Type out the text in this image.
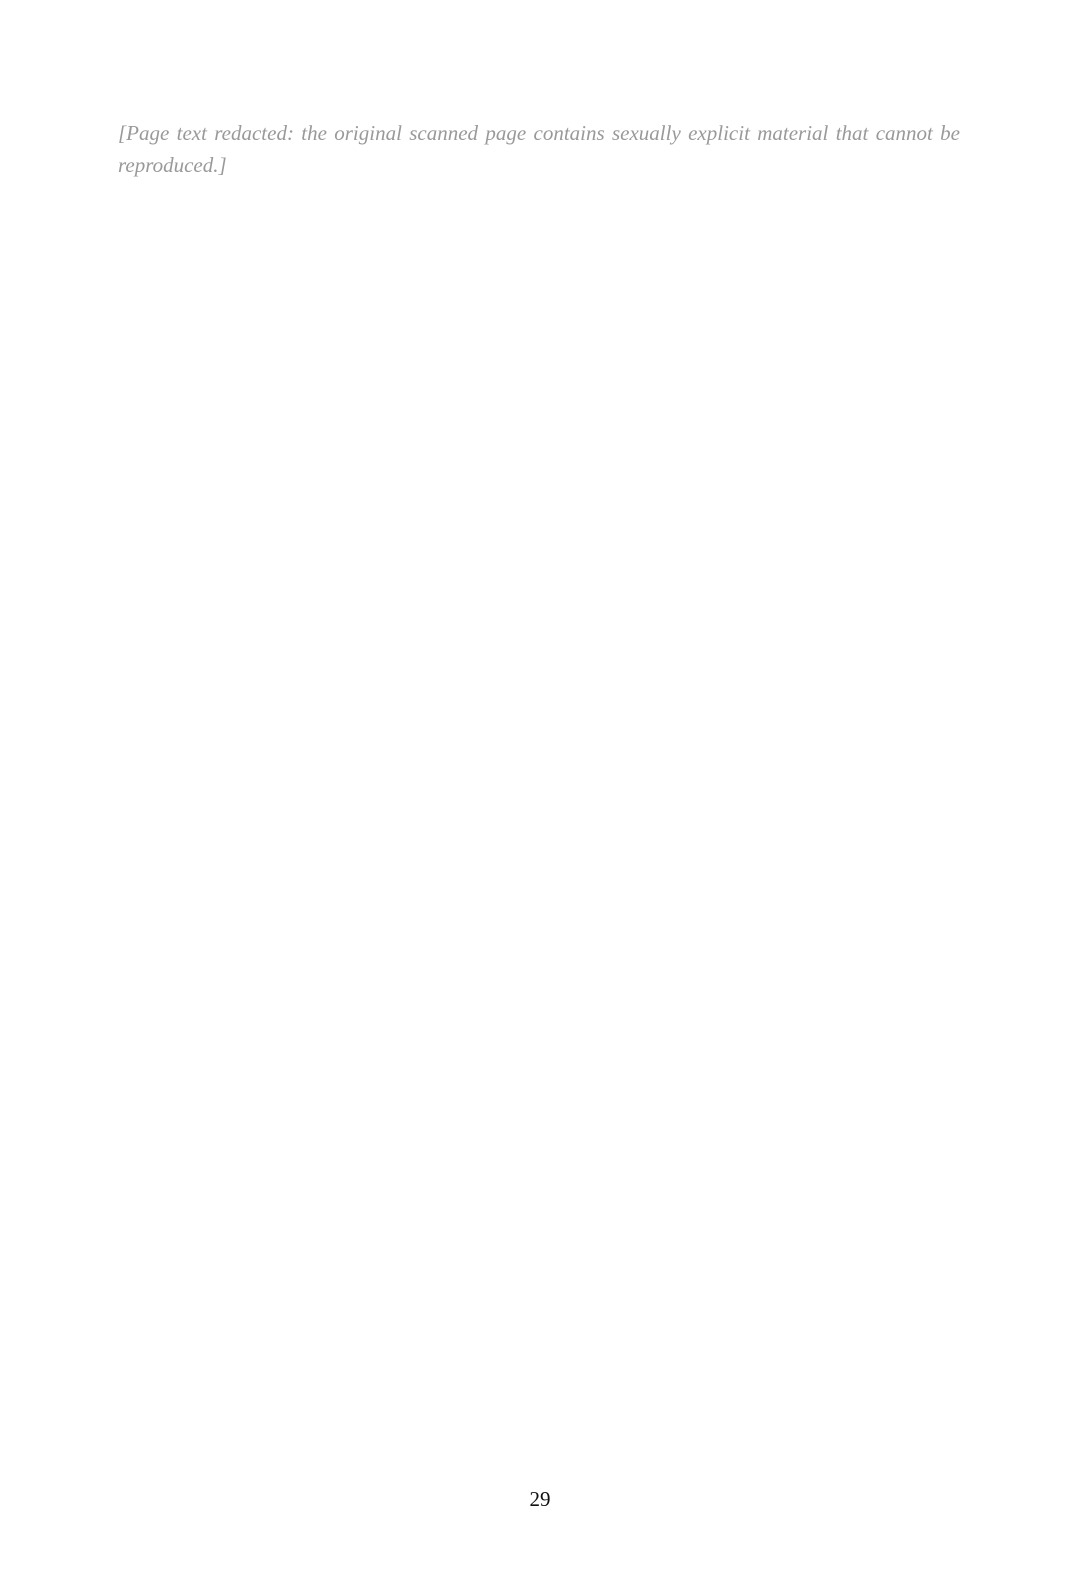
[Page text redacted: the original scanned page contains sexually explicit material that cannot be reproduced.]

29
